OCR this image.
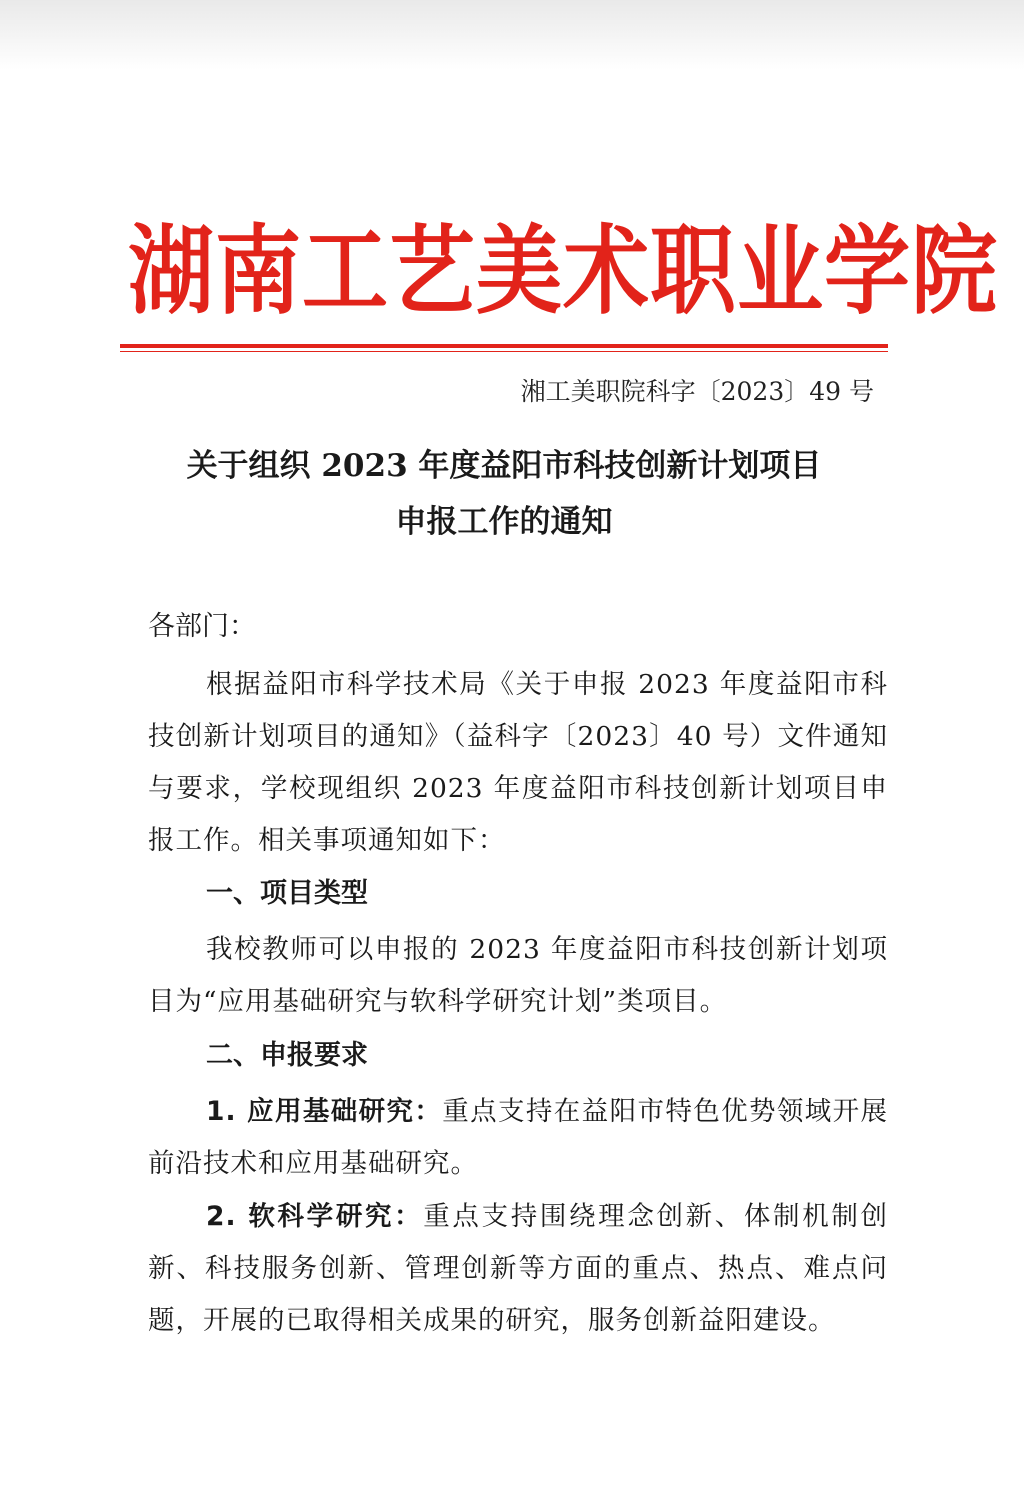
湖南工艺美术职业学院
湘工美职院科字〔2023〕49 号
关于组织 2023 年度益阳市科技创新计划项目
申报工作的通知
各部门：
根据益阳市科学技术局《关于申报 2023 年度益阳市科技创新计划项目的通知》（益科字〔2023〕40 号）文件通知与要求，学校现组织 2023 年度益阳市科技创新计划项目申报工作。相关事项通知如下：
一、项目类型
我校教师可以申报的 2023 年度益阳市科技创新计划项目为“应用基础研究与软科学研究计划”类项目。
二、申报要求
1. 应用基础研究：重点支持在益阳市特色优势领域开展前沿技术和应用基础研究。
2. 软科学研究：重点支持围绕理念创新、体制机制创新、科技服务创新、管理创新等方面的重点、热点、难点问题，开展的已取得相关成果的研究，服务创新益阳建设。
